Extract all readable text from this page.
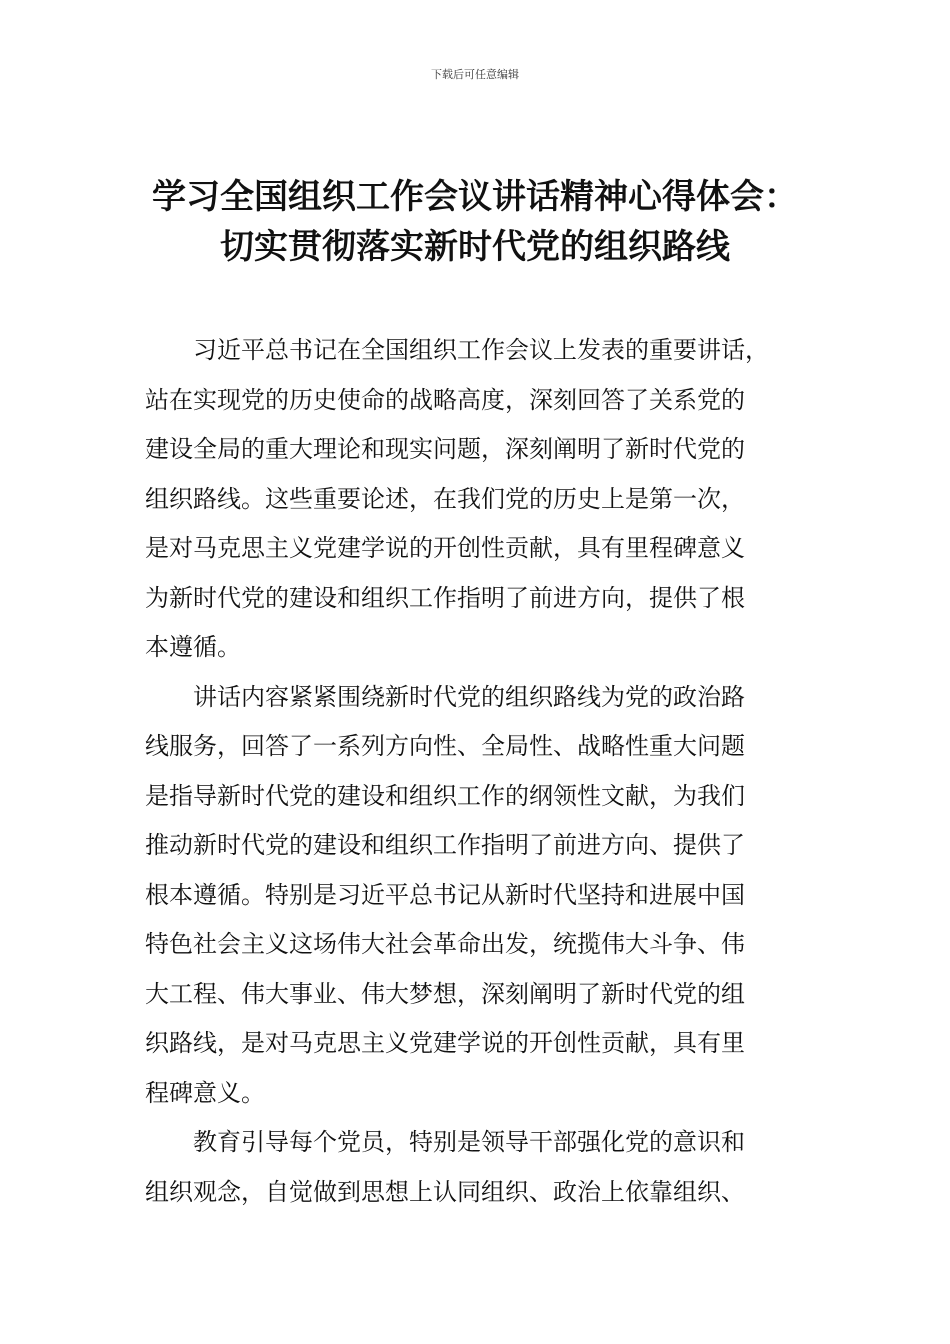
下载后可任意编辑
学习全国组织工作会议讲话精神心得体会：
切实贯彻落实新时代党的组织路线
习近平总书记在全国组织工作会议上发表的重要讲话，
站在实现党的历史使命的战略高度，深刻回答了关系党的
建设全局的重大理论和现实问题，深刻阐明了新时代党的
组织路线。这些重要论述，在我们党的历史上是第一次，
是对马克思主义党建学说的开创性贡献，具有里程碑意义
为新时代党的建设和组织工作指明了前进方向，提供了根
本遵循。
讲话内容紧紧围绕新时代党的组织路线为党的政治路
线服务，回答了一系列方向性、全局性、战略性重大问题
是指导新时代党的建设和组织工作的纲领性文献，为我们
推动新时代党的建设和组织工作指明了前进方向、提供了
根本遵循。特别是习近平总书记从新时代坚持和进展中国
特色社会主义这场伟大社会革命出发，统揽伟大斗争、伟
大工程、伟大事业、伟大梦想，深刻阐明了新时代党的组
织路线，是对马克思主义党建学说的开创性贡献，具有里
程碑意义。
教育引导每个党员，特别是领导干部强化党的意识和
组织观念，自觉做到思想上认同组织、政治上依靠组织、
